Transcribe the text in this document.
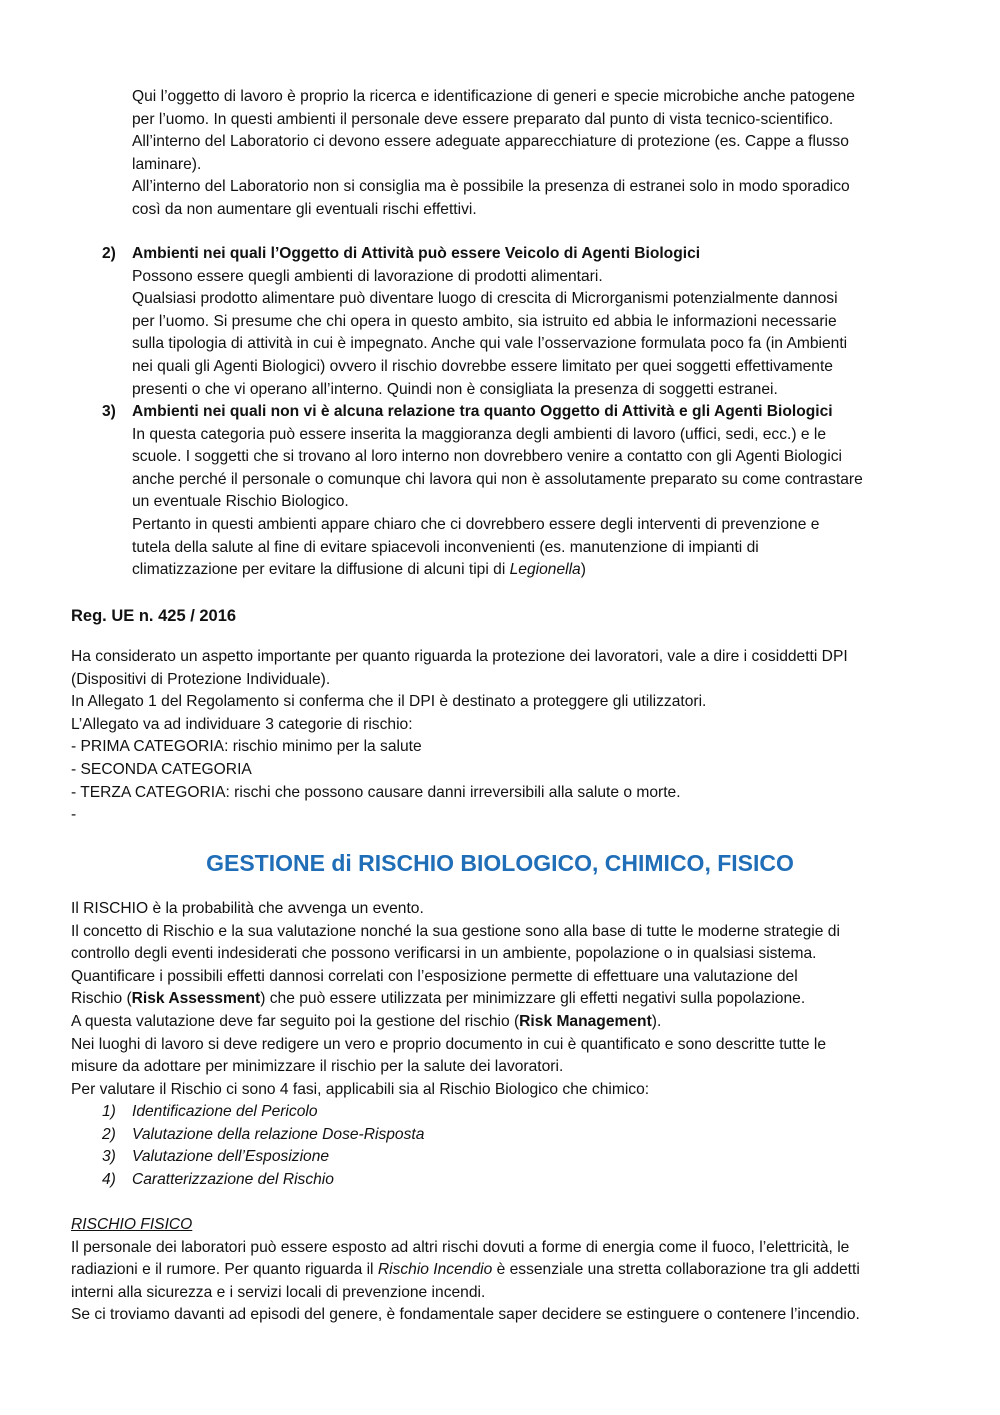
Qui l’oggetto di lavoro è proprio la ricerca e identificazione di generi e specie microbiche anche patogene
per l’uomo. In questi ambienti il personale deve essere preparato dal punto di vista tecnico-scientifico.
All’interno del Laboratorio ci devono essere adeguate apparecchiature di protezione (es. Cappe a flusso
laminare).
All’interno del Laboratorio non si consiglia ma è possibile la presenza di estranei solo in modo sporadico
così da non aumentare gli eventuali rischi effettivi.
2) Ambienti nei quali l’Oggetto di Attività può essere Veicolo di Agenti Biologici
Possono essere quegli ambienti di lavorazione di prodotti alimentari.
Qualsiasi prodotto alimentare può diventare luogo di crescita di Microrganismi potenzialmente dannosi
per l’uomo. Si presume che chi opera in questo ambito, sia istruito ed abbia le informazioni necessarie
sulla tipologia di attività in cui è impegnato. Anche qui vale l’osservazione formulata poco fa (in Ambienti
nei quali gli Agenti Biologici) ovvero il rischio dovrebbe essere limitato per quei soggetti effettivamente
presenti o che vi operano all’interno. Quindi non è consigliata la presenza di soggetti estranei.
3) Ambienti nei quali non vi è alcuna relazione tra quanto Oggetto di Attività e gli Agenti Biologici
In questa categoria può essere inserita la maggioranza degli ambienti di lavoro (uffici, sedi, ecc.) e le
scuole. I soggetti che si trovano al loro interno non dovrebbero venire a contatto con gli Agenti Biologici
anche perché il personale o comunque chi lavora qui non è assolutamente preparato su come contrastare
un eventuale Rischio Biologico.
Pertanto in questi ambienti appare chiaro che ci dovrebbero essere degli interventi di prevenzione e
tutela della salute al fine di evitare spiacevoli inconvenienti (es. manutenzione di impianti di
climatizzazione per evitare la diffusione di alcuni tipi di Legionella)
Reg. UE n. 425 / 2016
Ha considerato un aspetto importante per quanto riguarda la protezione dei lavoratori, vale a dire i cosiddetti DPI
(Dispositivi di Protezione Individuale).
In Allegato 1 del Regolamento si conferma che il DPI è destinato a proteggere gli utilizzatori.
L’Allegato va ad individuare 3 categorie di rischio:
- PRIMA CATEGORIA: rischio minimo per la salute
- SECONDA CATEGORIA
- TERZA CATEGORIA: rischi che possono causare danni irreversibili alla salute o morte.
-
GESTIONE di RISCHIO BIOLOGICO, CHIMICO, FISICO
Il RISCHIO è la probabilità che avvenga un evento.
Il concetto di Rischio e la sua valutazione nonché la sua gestione sono alla base di tutte le moderne strategie di
controllo degli eventi indesiderati che possono verificarsi in un ambiente, popolazione o in qualsiasi sistema.
Quantificare i possibili effetti dannosi correlati con l’esposizione permette di effettuare una valutazione del
Rischio (Risk Assessment) che può essere utilizzata per minimizzare gli effetti negativi sulla popolazione.
A questa valutazione deve far seguito poi la gestione del rischio (Risk Management).
Nei luoghi di lavoro si deve redigere un vero e proprio documento in cui è quantificato e sono descritte tutte le
misure da adottare per minimizzare il rischio per la salute dei lavoratori.
Per valutare il Rischio ci sono 4 fasi, applicabili sia al Rischio Biologico che chimico:
1) Identificazione del Pericolo
2) Valutazione della relazione Dose-Risposta
3) Valutazione dell’Esposizione
4) Caratterizzazione del Rischio
RISCHIO FISICO
Il personale dei laboratori può essere esposto ad altri rischi dovuti a forme di energia come il fuoco, l’elettricità, le
radiazioni e il rumore. Per quanto riguarda il Rischio Incendio è essenziale una stretta collaborazione tra gli addetti
interni alla sicurezza e i servizi locali di prevenzione incendi.
Se ci troviamo davanti ad episodi del genere, è fondamentale saper decidere se estinguere o contenere l’incendio.
